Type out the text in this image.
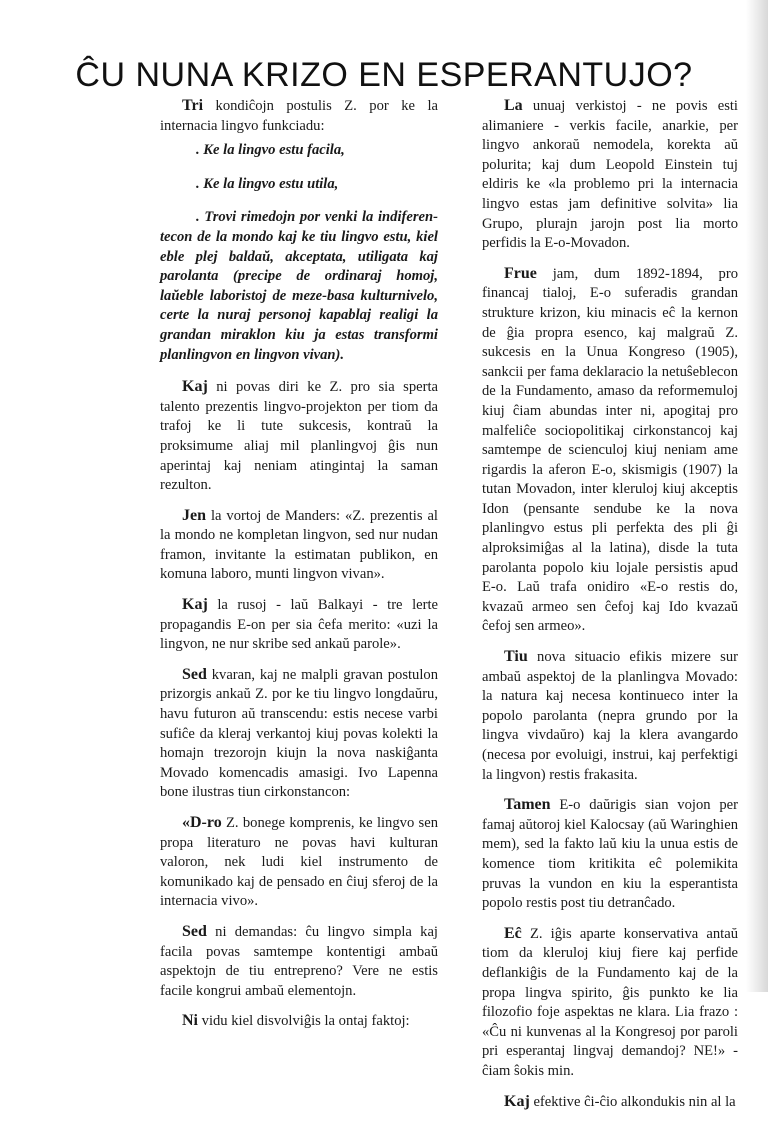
ĈU NUNA KRIZO EN ESPERANTUJO?

Tri kondiĉojn postulis Z. por ke la internacia lingvo funkciadu:

. Ke la lingvo estu facila,

. Ke la lingvo estu utila,

. Trovi rimedojn por venki la indiferen-tecon de la mondo kaj ke tiu lingvo estu, kiel eble plej baldaŭ, akceptata, utiligata kaj parolanta (precipe de ordinaraj homoj, laŭeble laboristoj de meze-basa kulturnivelo, certe la nuraj personoj kapablaj realigi la grandan miraklon kiu ja estas transformi planlingvon en lingvon vivan).

Kaj ni povas diri ke Z. pro sia sperta talento prezentis lingvo-projekton per tiom da trafoj ke li tute sukcesis, kontraŭ la proksimume aliaj mil planlingvoj ĝis nun aperintaj kaj neniam atingintaj la saman rezulton.

Jen la vortoj de Manders: «Z. prezentis al la mondo ne kompletan lingvon, sed nur nudan framon, invitante la estimatan publikon, en komuna laboro, munti lingvon vivan».

Kaj la rusoj - laŭ Balkayi - tre lerte propagandis E-on per sia ĉefa merito: «uzi la lingvon, ne nur skribe sed ankaŭ parole».

Sed kvaran, kaj ne malpli gravan postulon prizorgis ankaŭ Z. por ke tiu lingvo longdaŭru, havu futuron aŭ transcendu: estis necese varbi sufiĉe da kleraj verkantoj kiuj povas kolekti la homajn trezorojn kiujn la nova naskiĝanta Movado komencadis amasigi. Ivo Lapenna bone ilustras tiun cirkonstancon:

«D-ro Z. bonege komprenis, ke lingvo sen propa literaturo ne povas havi kulturan valoron, nek ludi kiel instrumento de komunikado kaj de pensado en ĉiuj sferoj de la internacia vivo».

Sed ni demandas: ĉu lingvo simpla kaj facila povas samtempe kontentigi ambaŭ aspektojn de tiu entrepreno? Vere ne estis facile kongrui ambaŭ elementojn.

Ni vidu kiel disvolviĝis la ontaj faktoj:

La unuaj verkistoj - ne povis esti alimaniere - verkis facile, anarkie, per lingvo ankoraŭ nemodela, korekta aŭ polurita; kaj dum Leopold Einstein tuj eldiris ke «la problemo pri la internacia lingvo estas jam definitive solvita» lia Grupo, plurajn jarojn post lia morto perfidis la E-o-Movadon.

Frue jam, dum 1892-1894, pro financaj tialoj, E-o suferadis grandan strukture krizon, kiu minacis eĉ la kernon de ĝia propra esenco, kaj malgraŭ Z. sukcesis en la Unua Kongreso (1905), sankcii per fama deklaracio la netuŝeblecon de la Fundamento, amaso da reformemuloj kiuj ĉiam abundas inter ni, apogitaj pro malfeliĉe sociopolitikaj cirkonstancoj kaj samtempe de scienculoj kiuj neniam ame rigardis la aferon E-o, skismigis (1907) la tutan Movadon, inter kleruloj kiuj akceptis Idon (pensante sendube ke la nova planlingvo estus pli perfekta des pli ĝi alproksimiĝas al la latina), disde la tuta parolanta popolo kiu lojale persistis apud E-o. Laŭ trafa onidiro «E-o restis do, kvazaŭ armeo sen ĉefoj kaj Ido kvazaŭ ĉefoj sen armeo».

Tiu nova situacio efikis mizere sur ambaŭ aspektoj de la planlingva Movado: la natura kaj necesa kontinueco inter la popolo parolanta (nepra grundo por la lingva vivdaŭro) kaj la klera avangardo (necesa por evoluigi, instrui, kaj perfektigi la lingvon) restis frakasita.

Tamen E-o daŭrigis sian vojon per famaj aŭtoroj kiel Kalocsay (aŭ Waringhien mem), sed la fakto laŭ kiu la unua estis de komence tiom kritikita eĉ polemikita pruvas la vundon en kiu la esperantista popolo restis post tiu detranĉado.

Eĉ Z. iĝis aparte konservativa antaŭ tiom da kleruloj kiuj fiere kaj perfide deflankiĝis de la Fundamento kaj de la propa lingva spirito, ĝis punkto ke lia filozofio foje aspektas ne klara. Lia frazo : «Ĉu ni kunvenas al la Kongresoj por paroli pri esperantaj lingvaj demandoj? NE!» - ĉiam ŝokis min.

Kaj efektive ĉi-ĉio alkondukis nin al la
